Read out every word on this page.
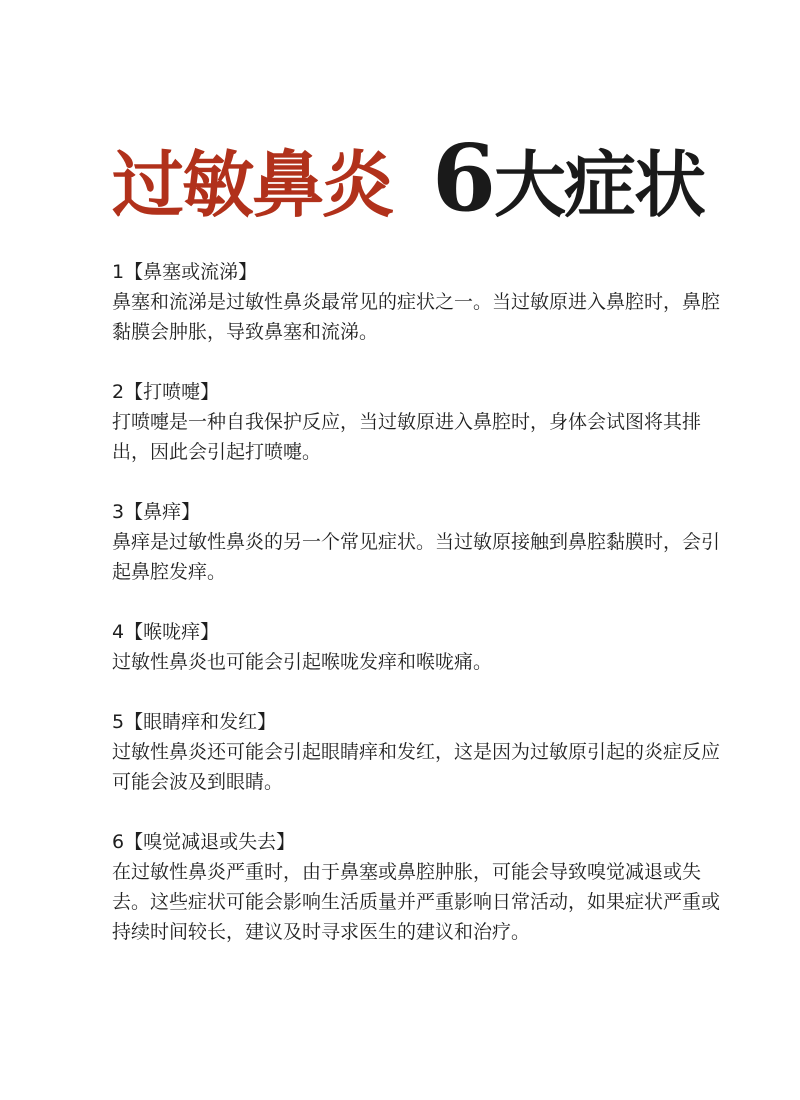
过敏鼻炎 6大症状
1【鼻塞或流涕】

鼻塞和流涕是过敏性鼻炎最常见的症状之一。当过敏原进入鼻腔时，鼻腔黏膜会肿胀，导致鼻塞和流涕。

2【打喷嚏】

打喷嚏是一种自我保护反应，当过敏原进入鼻腔时，身体会试图将其排出，因此会引起打喷嚏。

3【鼻痒】

鼻痒是过敏性鼻炎的另一个常见症状。当过敏原接触到鼻腔黏膜时，会引起鼻腔发痒。

4【喉咙痒】

过敏性鼻炎也可能会引起喉咙发痒和喉咙痛。

5【眼睛痒和发红】

过敏性鼻炎还可能会引起眼睛痒和发红，这是因为过敏原引起的炎症反应可能会波及到眼睛。

6【嗅觉减退或失去】

在过敏性鼻炎严重时，由于鼻塞或鼻腔肿胀，可能会导致嗅觉减退或失去。这些症状可能会影响生活质量并严重影响日常活动，如果症状严重或持续时间较长，建议及时寻求医生的建议和治疗。
